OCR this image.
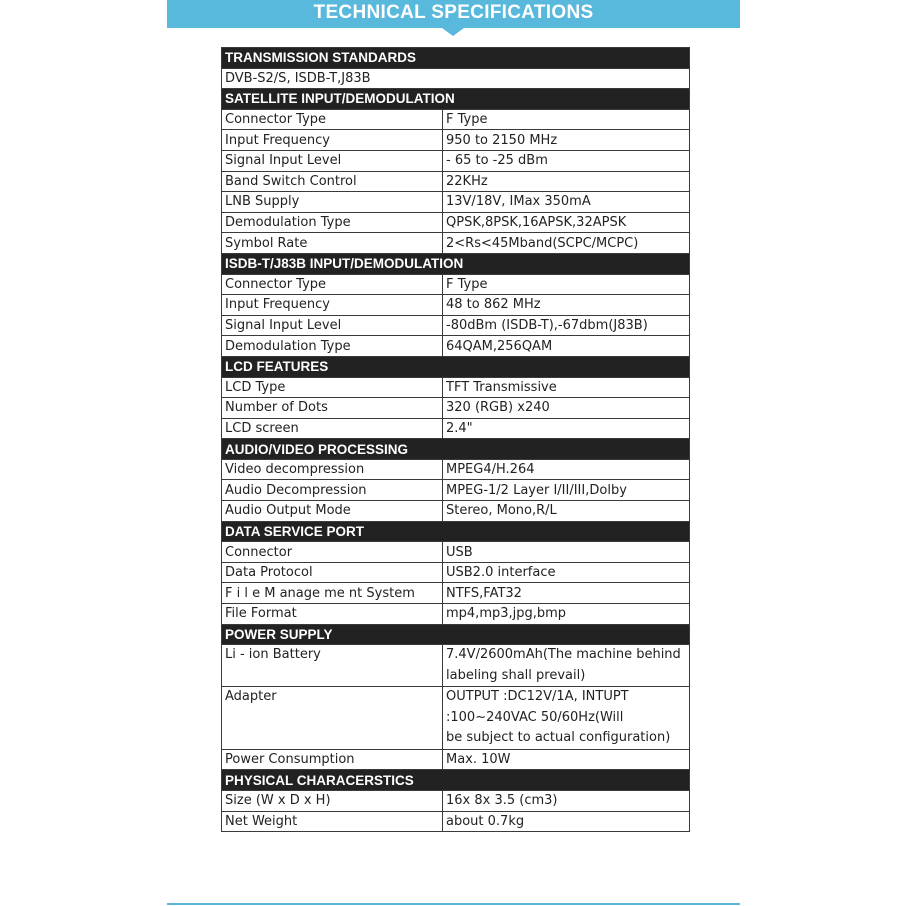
TECHNICAL SPECIFICATIONS
TRANSMISSION STANDARDS	
DVB-S2/S, ISDB-T,J83B	
SATELLITE INPUT/DEMODULATION	
Connector Type	F Type
Input Frequency	950 to 2150 MHz
Signal Input Level	- 65 to -25 dBm
Band Switch Control	22KHz
LNB Supply	13V/18V, IMax 350mA
Demodulation Type	QPSK,8PSK,16APSK,32APSK
Symbol Rate	2<Rs<45Mband(SCPC/MCPC)
ISDB-T/J83B INPUT/DEMODULATION	
Connector Type	F Type
Input Frequency	48 to 862 MHz
Signal Input Level	-80dBm (ISDB-T),-67dbm(J83B)
Demodulation Type	64QAM,256QAM
LCD FEATURES	
LCD Type	TFT Transmissive
Number of Dots	320 (RGB) x240
LCD screen	2.4"
AUDIO/VIDEO PROCESSING	
Video decompression	MPEG4/H.264
Audio Decompression	MPEG-1/2 Layer I/II/III,Dolby
Audio Output Mode	Stereo, Mono,R/L
DATA SERVICE PORT	
Connector	USB
Data Protocol	USB2.0 interface
F i l e M anage me nt System	NTFS,FAT32
File Format	mp4,mp3,jpg,bmp
POWER SUPPLY	
Li - ion Battery	7.4V/2600mAh(The machine behind
labeling shall prevail)
Adapter	OUTPUT :DC12V/1A, INTUPT
:100~240VAC 50/60Hz(Will
be subject to actual configuration)
Power Consumption	Max. 10W
PHYSICAL CHARACERSTICS	
Size (W x D x H)	16x 8x 3.5 (cm3)
Net Weight	about 0.7kg
